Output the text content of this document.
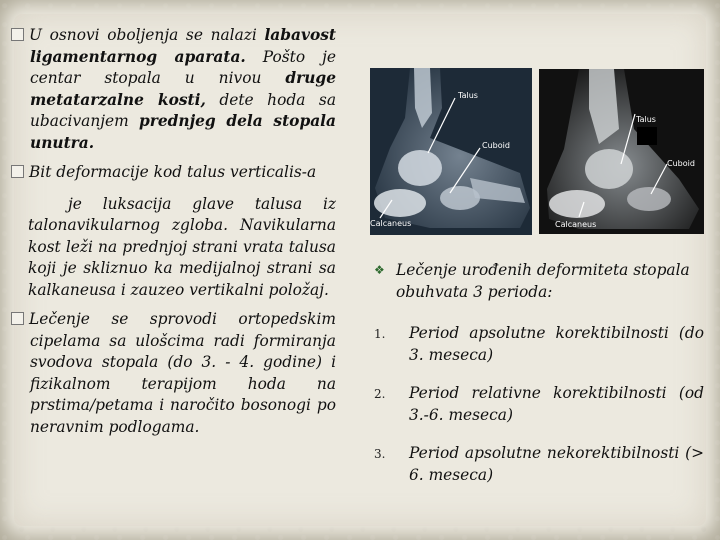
U osnovi oboljenja se nalazi labavost ligamentarnog aparata. Pošto je centar stopala u nivou druge metatarzalne kosti, dete hoda sa ubacivanjem prednjeg dela stopala unutra.
Bit deformacije kod talus verticalis-a
je luksacija glave talusa iz talonavikularnog zgloba. Navikularna kost leži na prednjoj strani vrata talusa koji je skliznuo ka medijalnoj strani sa kalkaneusa i zauzeo vertikalni položaj.
Lečenje se sprovodi ortopedskim cipelama sa ulošcima radi formiranja svodova stopala (do 3. - 4. godine) i fizikalnom terapijom hoda na prstima/petama i naročito bosonogi po neravnim podlogama.
Talus
Cuboid
Calcaneus
Talus
Cuboid
Calcaneus
❖ Lečenje urođenih deformiteta stopala obuhvata 3 perioda:
1. Period apsolutne korektibilnosti (do 3. meseca)
2. Period relativne korektibilnosti (od 3.-6. meseca)
3. Period apsolutne nekorektibilnosti (> 6. meseca)
